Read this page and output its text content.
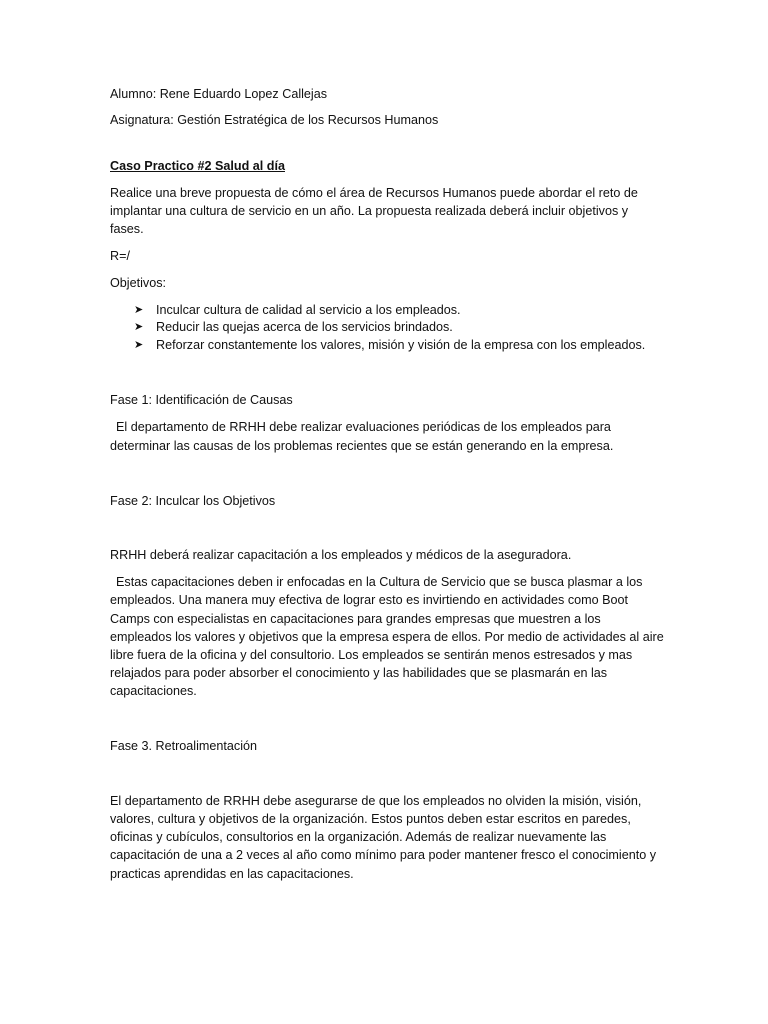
Alumno: Rene Eduardo Lopez Callejas

Asignatura: Gestión Estratégica de los Recursos Humanos

Caso Practico #2 Salud al día

Realice una breve propuesta de cómo el área de Recursos Humanos puede abordar el reto de implantar una cultura de servicio en un año. La propuesta realizada deberá incluir objetivos y fases.

R=/

Objetivos:

➤ Inculcar cultura de calidad al servicio a los empleados.
➤ Reducir las quejas acerca de los servicios brindados.
➤ Reforzar constantemente los valores, misión y visión de la empresa con los empleados.

Fase 1: Identificación de Causas

El departamento de RRHH debe realizar evaluaciones periódicas de los empleados para determinar las causas de los problemas recientes que se están generando en la empresa.

Fase 2: Inculcar los Objetivos

RRHH deberá realizar capacitación a los empleados y médicos de la aseguradora.

Estas capacitaciones deben ir enfocadas en la Cultura de Servicio que se busca plasmar a los empleados. Una manera muy efectiva de lograr esto es invirtiendo en actividades como Boot Camps con especialistas en capacitaciones para grandes empresas que muestren a los empleados los valores y objetivos que la empresa espera de ellos. Por medio de actividades al aire libre fuera de la oficina y del consultorio. Los empleados se sentirán menos estresados y mas relajados para poder absorber el conocimiento y las habilidades que se plasmarán en las capacitaciones.

Fase 3. Retroalimentación

El departamento de RRHH debe asegurarse de que los empleados no olviden la misión, visión, valores, cultura y objetivos de la organización. Estos puntos deben estar escritos en paredes, oficinas y cubículos, consultorios en la organización. Además de realizar nuevamente las capacitación de una a 2 veces al año como mínimo para poder mantener fresco el conocimiento y practicas aprendidas en las capacitaciones.
